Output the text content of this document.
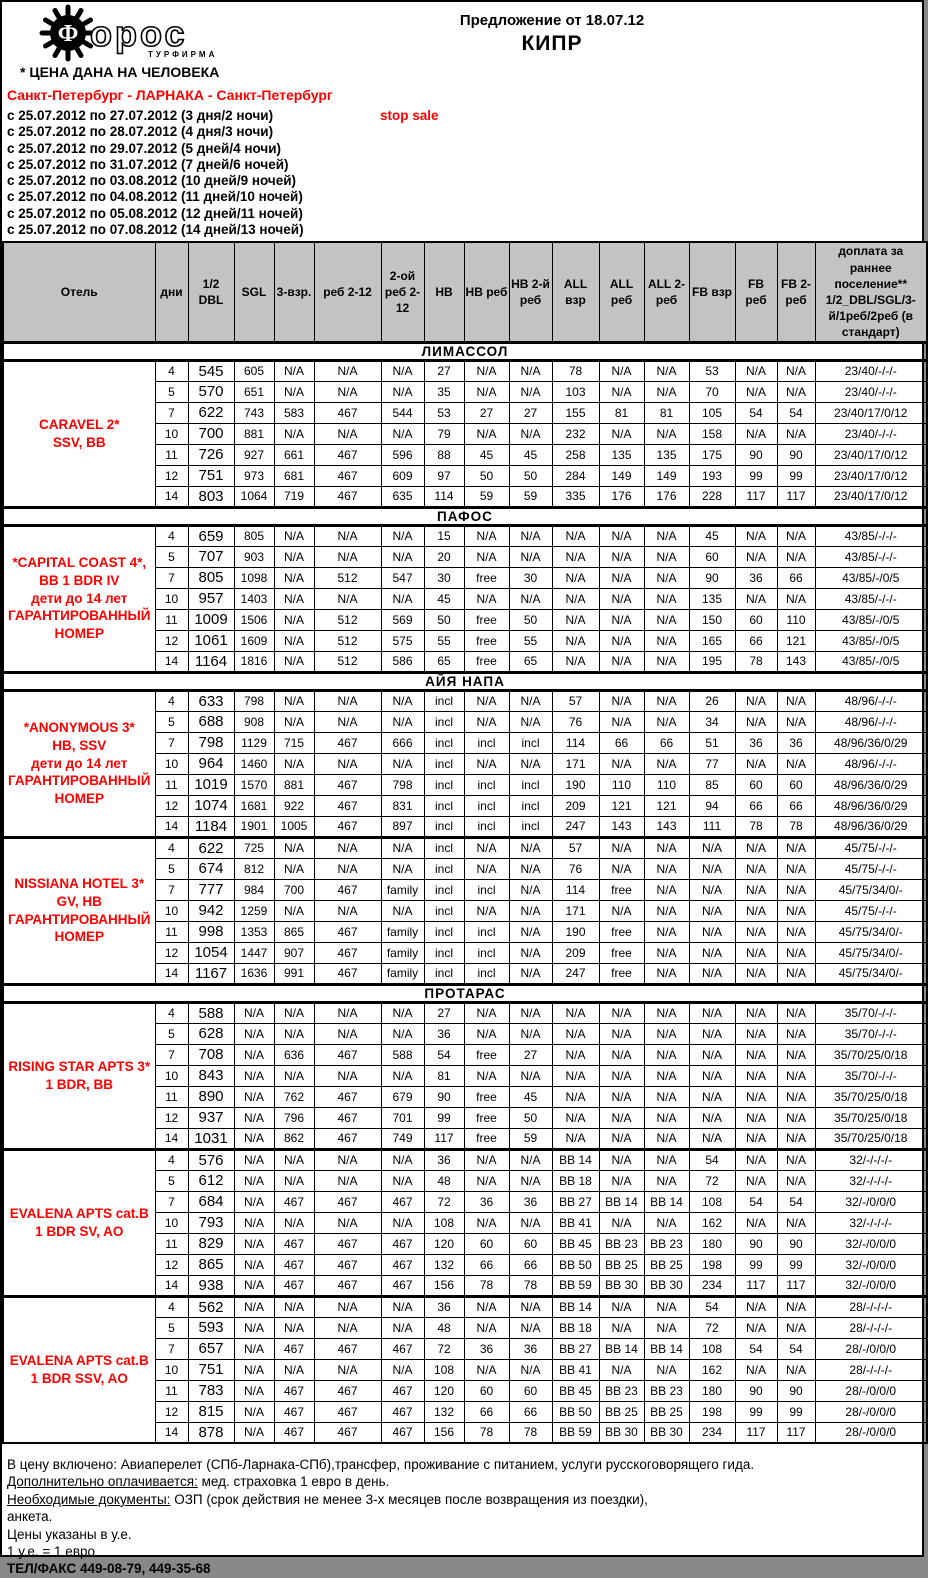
Ф орос
ТУРФИРМА
Предложение от 18.07.12
КИПР
* ЦЕНА ДАНА НА ЧЕЛОВЕКА
Санкт-Петербург - ЛАРНАКА - Санкт-Петербург
с 25.07.2012 по 27.07.2012 (3 дня/2 ночи)	stop sale
с 25.07.2012 по 28.07.2012 (4 дня/3 ночи)
с 25.07.2012 по 29.07.2012 (5 дней/4 ночи)
с 25.07.2012 по 31.07.2012 (7 дней/6 ночей)
с 25.07.2012 по 03.08.2012 (10 дней/9 ночей)
с 25.07.2012 по 04.08.2012 (11 дней/10 ночей)
с 25.07.2012 по 05.08.2012 (12 дней/11 ночей)
с 25.07.2012 по 07.08.2012 (14 дней/13 ночей)
Отель	дни	1/2 DBL	SGL	3-взр.	реб 2-12	2-ой реб 2-12	HB	HB реб	HB 2-й реб	ALL взр	ALL реб	ALL 2-реб	FB взр	FB реб	FB 2-реб	доплата за раннее поселение** 1/2_DBL/SGL/3-й/1реб/2реб (в стандарт)
ЛИМАССОЛ																

CARAVEL 2*
SSV, BB	4	545	605	N/A	N/A	N/A	27	N/A	N/A	78	N/A	N/A	53	N/A	N/A	23/40/-/-/-
	5	570	651	N/A	N/A	N/A	35	N/A	N/A	103	N/A	N/A	70	N/A	N/A	23/40/-/-/-
	7	622	743	583	467	544	53	27	27	155	81	81	105	54	54	23/40/17/0/12
	10	700	881	N/A	N/A	N/A	79	N/A	N/A	232	N/A	N/A	158	N/A	N/A	23/40/-/-/-
	11	726	927	661	467	596	88	45	45	258	135	135	175	90	90	23/40/17/0/12
	12	751	973	681	467	609	97	50	50	284	149	149	193	99	99	23/40/17/0/12
	14	803	1064	719	467	635	114	59	59	335	176	176	228	117	117	23/40/17/0/12
ПАФОС																

*CAPITAL COAST 4*,
BB 1 BDR IV
дети до 14 лет
ГАРАНТИРОВАННЫЙ
НОМЕР	4	659	805	N/A	N/A	N/A	15	N/A	N/A	N/A	N/A	N/A	45	N/A	N/A	43/85/-/-/-
	5	707	903	N/A	N/A	N/A	20	N/A	N/A	N/A	N/A	N/A	60	N/A	N/A	43/85/-/-/-
	7	805	1098	N/A	512	547	30	free	30	N/A	N/A	N/A	90	36	66	43/85/-/0/5
	10	957	1403	N/A	N/A	N/A	45	N/A	N/A	N/A	N/A	N/A	135	N/A	N/A	43/85/-/-/-
	11	1009	1506	N/A	512	569	50	free	50	N/A	N/A	N/A	150	60	110	43/85/-/0/5
	12	1061	1609	N/A	512	575	55	free	55	N/A	N/A	N/A	165	66	121	43/85/-/0/5
	14	1164	1816	N/A	512	586	65	free	65	N/A	N/A	N/A	195	78	143	43/85/-/0/5
АЙЯ НАПА																

*ANONYMOUS 3*
HB, SSV
дети до 14 лет
ГАРАНТИРОВАННЫЙ
НОМЕР	4	633	798	N/A	N/A	N/A	incl	N/A	N/A	57	N/A	N/A	26	N/A	N/A	48/96/-/-/-
	5	688	908	N/A	N/A	N/A	incl	N/A	N/A	76	N/A	N/A	34	N/A	N/A	48/96/-/-/-
	7	798	1129	715	467	666	incl	incl	incl	114	66	66	51	36	36	48/96/36/0/29
	10	964	1460	N/A	N/A	N/A	incl	N/A	N/A	171	N/A	N/A	77	N/A	N/A	48/96/-/-/-
	11	1019	1570	881	467	798	incl	incl	incl	190	110	110	85	60	60	48/96/36/0/29
	12	1074	1681	922	467	831	incl	incl	incl	209	121	121	94	66	66	48/96/36/0/29
	14	1184	1901	1005	467	897	incl	incl	incl	247	143	143	111	78	78	48/96/36/0/29

NISSIANA HOTEL 3*
GV, HB
ГАРАНТИРОВАННЫЙ
НОМЕР	4	622	725	N/A	N/A	N/A	incl	N/A	N/A	57	N/A	N/A	N/A	N/A	N/A	45/75/-/-/-
	5	674	812	N/A	N/A	N/A	incl	N/A	N/A	76	N/A	N/A	N/A	N/A	N/A	45/75/-/-/-
	7	777	984	700	467	family	incl	incl	N/A	114	free	N/A	N/A	N/A	N/A	45/75/34/0/-
	10	942	1259	N/A	N/A	N/A	incl	N/A	N/A	171	N/A	N/A	N/A	N/A	N/A	45/75/-/-/-
	11	998	1353	865	467	family	incl	incl	N/A	190	free	N/A	N/A	N/A	N/A	45/75/34/0/-
	12	1054	1447	907	467	family	incl	incl	N/A	209	free	N/A	N/A	N/A	N/A	45/75/34/0/-
	14	1167	1636	991	467	family	incl	incl	N/A	247	free	N/A	N/A	N/A	N/A	45/75/34/0/-
ПРОТАРАС																

RISING STAR APTS 3*
1 BDR, BB	4	588	N/A	N/A	N/A	N/A	27	N/A	N/A	N/A	N/A	N/A	N/A	N/A	N/A	35/70/-/-/-
	5	628	N/A	N/A	N/A	N/A	36	N/A	N/A	N/A	N/A	N/A	N/A	N/A	N/A	35/70/-/-/-
	7	708	N/A	636	467	588	54	free	27	N/A	N/A	N/A	N/A	N/A	N/A	35/70/25/0/18
	10	843	N/A	N/A	N/A	N/A	81	N/A	N/A	N/A	N/A	N/A	N/A	N/A	N/A	35/70/-/-/-
	11	890	N/A	762	467	679	90	free	45	N/A	N/A	N/A	N/A	N/A	N/A	35/70/25/0/18
	12	937	N/A	796	467	701	99	free	50	N/A	N/A	N/A	N/A	N/A	N/A	35/70/25/0/18
	14	1031	N/A	862	467	749	117	free	59	N/A	N/A	N/A	N/A	N/A	N/A	35/70/25/0/18

EVALENA APTS cat.B
1 BDR SV, AO	4	576	N/A	N/A	N/A	N/A	36	N/A	N/A	BB 14	N/A	N/A	54	N/A	N/A	32/-/-/-/-
	5	612	N/A	N/A	N/A	N/A	48	N/A	N/A	BB 18	N/A	N/A	72	N/A	N/A	32/-/-/-/-
	7	684	N/A	467	467	467	72	36	36	BB 27	BB 14	BB 14	108	54	54	32/-/0/0/0
	10	793	N/A	N/A	N/A	N/A	108	N/A	N/A	BB 41	N/A	N/A	162	N/A	N/A	32/-/-/-/-
	11	829	N/A	467	467	467	120	60	60	BB 45	BB 23	BB 23	180	90	90	32/-/0/0/0
	12	865	N/A	467	467	467	132	66	66	BB 50	BB 25	BB 25	198	99	99	32/-/0/0/0
	14	938	N/A	467	467	467	156	78	78	BB 59	BB 30	BB 30	234	117	117	32/-/0/0/0

EVALENA APTS cat.B
1 BDR SSV, AO	4	562	N/A	N/A	N/A	N/A	36	N/A	N/A	BB 14	N/A	N/A	54	N/A	N/A	28/-/-/-/-
	5	593	N/A	N/A	N/A	N/A	48	N/A	N/A	BB 18	N/A	N/A	72	N/A	N/A	28/-/-/-/-
	7	657	N/A	467	467	467	72	36	36	BB 27	BB 14	BB 14	108	54	54	28/-/0/0/0
	10	751	N/A	N/A	N/A	N/A	108	N/A	N/A	BB 41	N/A	N/A	162	N/A	N/A	28/-/-/-/-
	11	783	N/A	467	467	467	120	60	60	BB 45	BB 23	BB 23	180	90	90	28/-/0/0/0
	12	815	N/A	467	467	467	132	66	66	BB 50	BB 25	BB 25	198	99	99	28/-/0/0/0
	14	878	N/A	467	467	467	156	78	78	BB 59	BB 30	BB 30	234	117	117	28/-/0/0/0
В цену включено: Авиаперелет (СПб-Ларнака-СПб),трансфер, проживание с питанием, услуги русскоговорящего гида.
Дополнительно оплачивается: мед. страховка 1 евро в день.
Необходимые документы: ОЗП (срок действия не менее 3-х месяцев после возвращения из поездки),
анкета.
Цены указаны в у.е.
1 у.е. = 1 евро
ТЕЛ/ФАКС 449-08-79, 449-35-68
